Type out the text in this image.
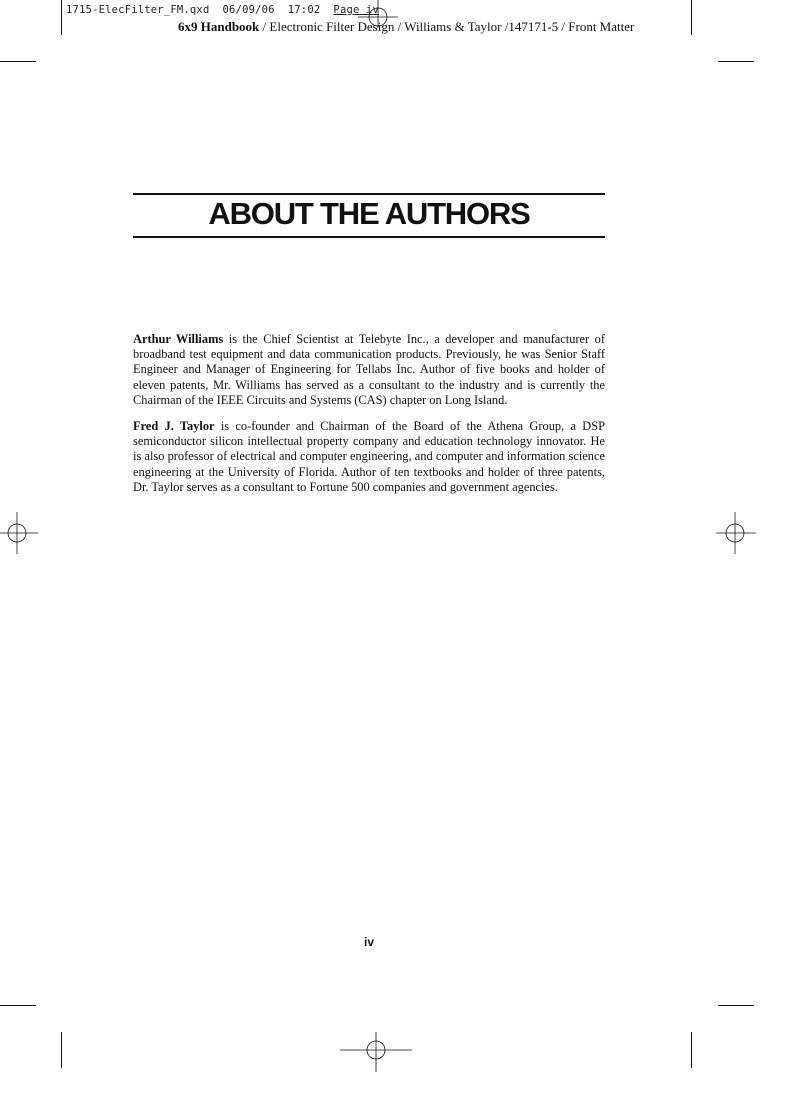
1715-ElecFilter_FM.qxd 06/09/06 17:02 Page iv
6x9 Handbook / Electronic Filter Design / Williams & Taylor /147171-5 / Front Matter
ABOUT THE AUTHORS

Arthur Williams is the Chief Scientist at Telebyte Inc., a developer and manufacturer of broadband test equipment and data communication products. Previously, he was Senior Staff Engineer and Manager of Engineering for Tellabs Inc. Author of five books and holder of eleven patents, Mr. Williams has served as a consultant to the industry and is currently the Chairman of the IEEE Circuits and Systems (CAS) chapter on Long Island.

Fred J. Taylor is co-founder and Chairman of the Board of the Athena Group, a DSP semiconductor silicon intellectual property company and education technology innovator. He is also professor of electrical and computer engineering, and computer and information science engineering at the University of Florida. Author of ten textbooks and holder of three patents, Dr. Taylor serves as a consultant to Fortune 500 companies and government agencies.

iv
